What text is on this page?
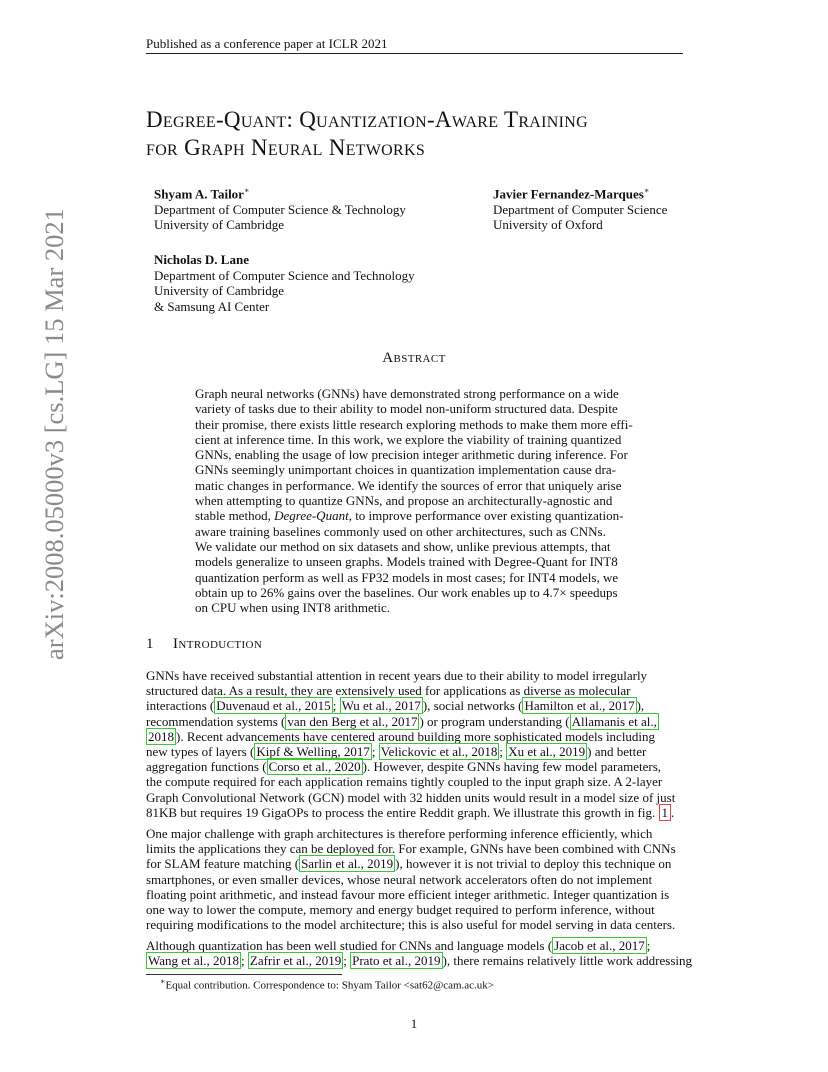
Published as a conference paper at ICLR 2021
arXiv:2008.05000v3 [cs.LG] 15 Mar 2021
Degree-Quant: Quantization-Aware Training
for Graph Neural Networks
Shyam A. Tailor∗
Department of Computer Science & Technology
University of Cambridge
Javier Fernandez-Marques∗
Department of Computer Science
University of Oxford
Nicholas D. Lane
Department of Computer Science and Technology
University of Cambridge
& Samsung AI Center
Abstract
Graph neural networks (GNNs) have demonstrated strong performance on a wide
variety of tasks due to their ability to model non-uniform structured data. Despite
their promise, there exists little research exploring methods to make them more effi-
cient at inference time. In this work, we explore the viability of training quantized
GNNs, enabling the usage of low precision integer arithmetic during inference. For
GNNs seemingly unimportant choices in quantization implementation cause dra-
matic changes in performance. We identify the sources of error that uniquely arise
when attempting to quantize GNNs, and propose an architecturally-agnostic and
stable method, Degree-Quant, to improve performance over existing quantization-
aware training baselines commonly used on other architectures, such as CNNs.
We validate our method on six datasets and show, unlike previous attempts, that
models generalize to unseen graphs. Models trained with Degree-Quant for INT8
quantization perform as well as FP32 models in most cases; for INT4 models, we
obtain up to 26% gains over the baselines. Our work enables up to 4.7× speedups
on CPU when using INT8 arithmetic.
1 Introduction
GNNs have received substantial attention in recent years due to their ability to model irregularly
structured data. As a result, they are extensively used for applications as diverse as molecular
interactions ( Duvenaud et al., 2015 ; Wu et al., 2017 ), social networks ( Hamilton et al., 2017 ),
recommendation systems ( van den Berg et al., 2017 ) or program understanding ( Allamanis et al.,
2018 ). Recent advancements have centered around building more sophisticated models including
new types of layers ( Kipf & Welling, 2017 ; Velickovic et al., 2018 ; Xu et al., 2019 ) and better
aggregation functions ( Corso et al., 2020 ). However, despite GNNs having few model parameters,
the compute required for each application remains tightly coupled to the input graph size. A 2-layer
Graph Convolutional Network (GCN) model with 32 hidden units would result in a model size of just
81KB but requires 19 GigaOPs to process the entire Reddit graph. We illustrate this growth in fig. 1 .
One major challenge with graph architectures is therefore performing inference efficiently, which
limits the applications they can be deployed for. For example, GNNs have been combined with CNNs
for SLAM feature matching ( Sarlin et al., 2019 ), however it is not trivial to deploy this technique on
smartphones, or even smaller devices, whose neural network accelerators often do not implement
floating point arithmetic, and instead favour more efficient integer arithmetic. Integer quantization is
one way to lower the compute, memory and energy budget required to perform inference, without
requiring modifications to the model architecture; this is also useful for model serving in data centers.
Although quantization has been well studied for CNNs and language models ( Jacob et al., 2017 ;
Wang et al., 2018 ; Zafrir et al., 2019 ; Prato et al., 2019 ), there remains relatively little work addressing
∗Equal contribution. Correspondence to: Shyam Tailor <sat62@cam.ac.uk>
1
